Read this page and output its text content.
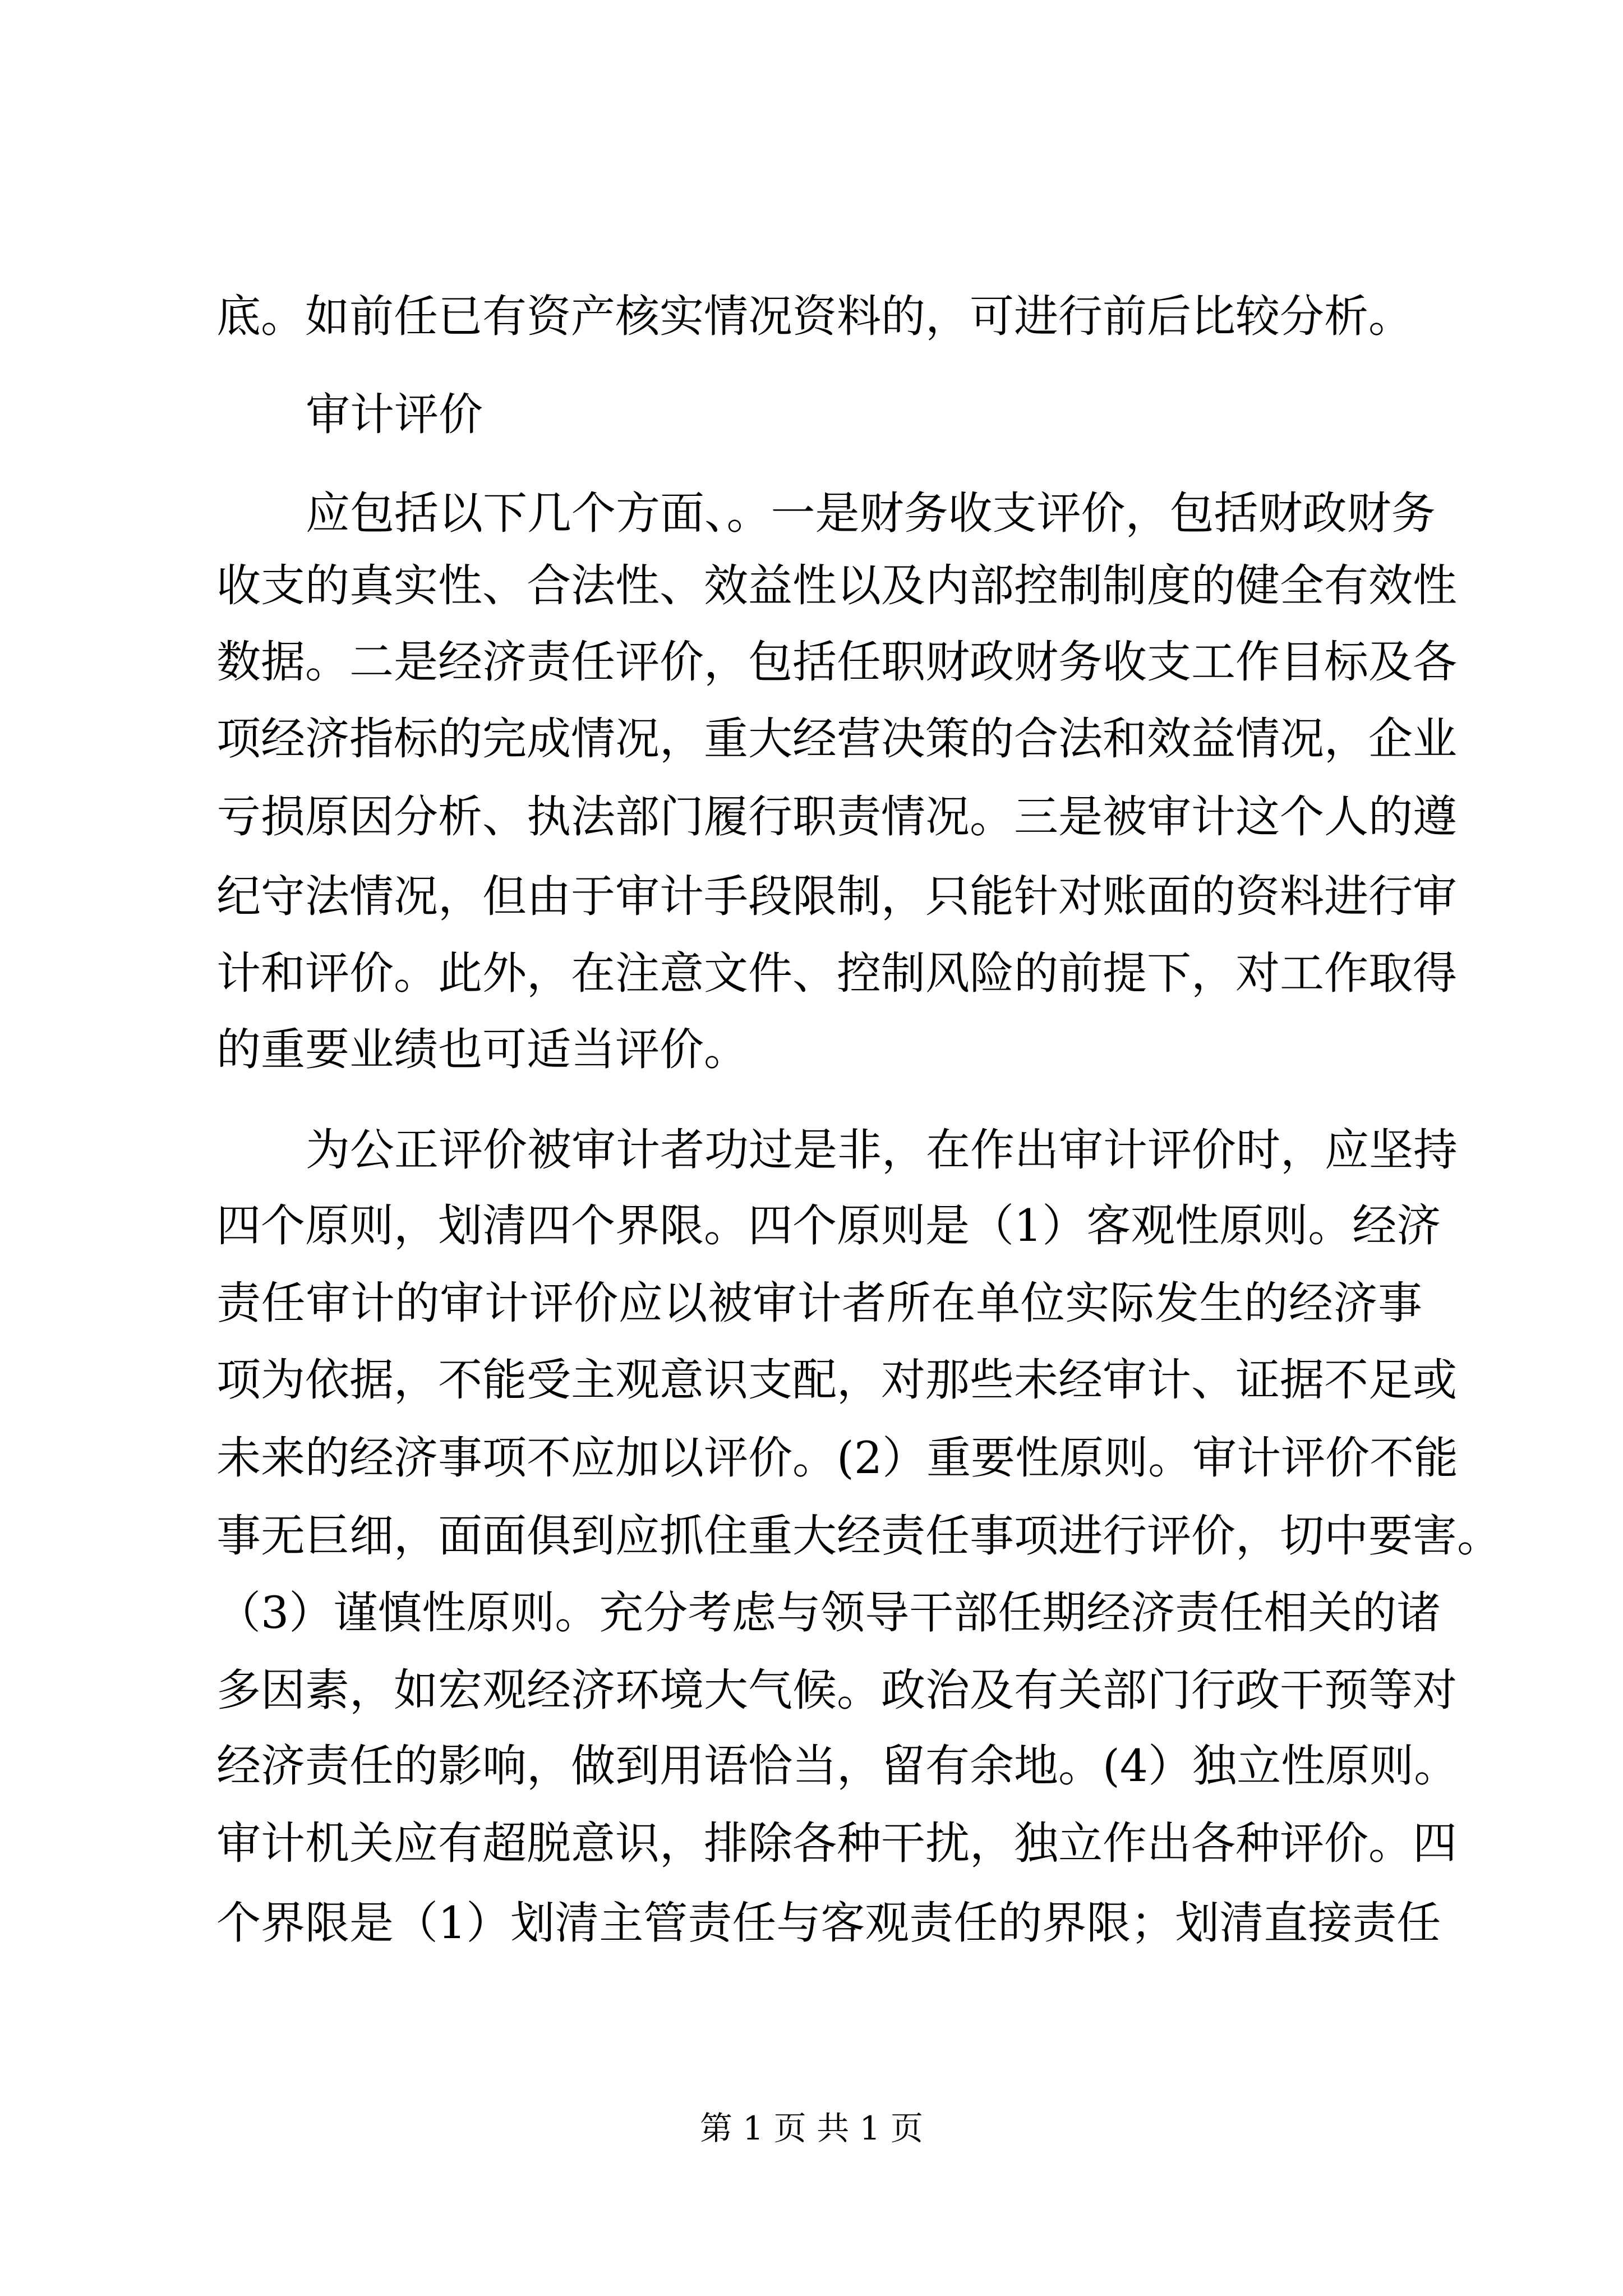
底。如前任已有资产核实情况资料的，可进行前后比较分析。
审计评价
应包括以下几个方面、。一是财务收支评价，包括财政财务
收支的真实性、合法性、效益性以及内部控制制度的健全有效性
数据。二是经济责任评价，包括任职财政财务收支工作目标及各
项经济指标的完成情况，重大经营决策的合法和效益情况，企业
亏损原因分析、执法部门履行职责情况。三是被审计这个人的遵
纪守法情况，但由于审计手段限制，只能针对账面的资料进行审
计和评价。此外，在注意文件、控制风险的前提下，对工作取得
的重要业绩也可适当评价。
为公正评价被审计者功过是非，在作出审计评价时，应坚持
四个原则，划清四个界限。四个原则是（1）客观性原则。经济
责任审计的审计评价应以被审计者所在单位实际发生的经济事
项为依据，不能受主观意识支配，对那些未经审计、证据不足或
未来的经济事项不应加以评价。(2）重要性原则。审计评价不能
事无巨细，面面俱到应抓住重大经责任事项进行评价，切中要害。
（3）谨慎性原则。充分考虑与领导干部任期经济责任相关的诸
多因素，如宏观经济环境大气候。政治及有关部门行政干预等对
经济责任的影响，做到用语恰当，留有余地。(4）独立性原则。
审计机关应有超脱意识，排除各种干扰，独立作出各种评价。四
个界限是（1）划清主管责任与客观责任的界限；划清直接责任
第 1 页 共 1 页
